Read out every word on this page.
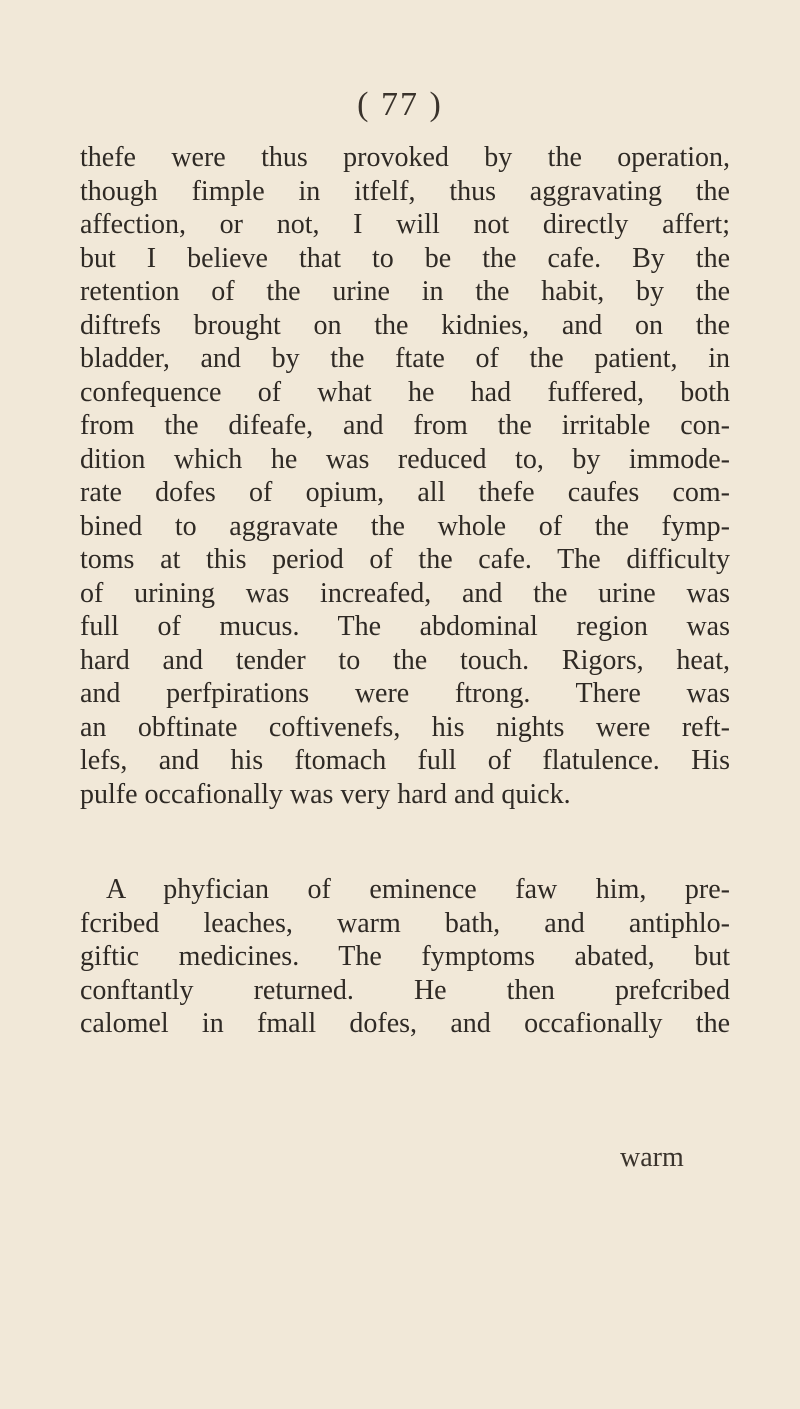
( 77 )
thefe were thus provoked by the operation,
though fimple in itfelf, thus aggravating the
affection, or not, I will not directly affert;
but I believe that to be the cafe. By the
retention of the urine in the habit, by the
diftrefs brought on the kidnies, and on the
bladder, and by the ftate of the patient, in
confequence of what he had fuffered, both
from the difeafe, and from the irritable con-
dition which he was reduced to, by immode-
rate dofes of opium, all thefe caufes com-
bined to aggravate the whole of the fymp-
toms at this period of the cafe. The difficulty
of urining was increafed, and the urine was
full of mucus. The abdominal region was
hard and tender to the touch. Rigors, heat,
and perfpirations were ftrong. There was
an obftinate coftivenefs, his nights were reft-
lefs, and his ftomach full of flatulence. His
pulfe occafionally was very hard and quick.
A phyfician of eminence faw him, pre-
fcribed leaches, warm bath, and antiphlo-
giftic medicines. The fymptoms abated, but
conftantly returned. He then prefcribed
calomel in fmall dofes, and occafionally the
warm
